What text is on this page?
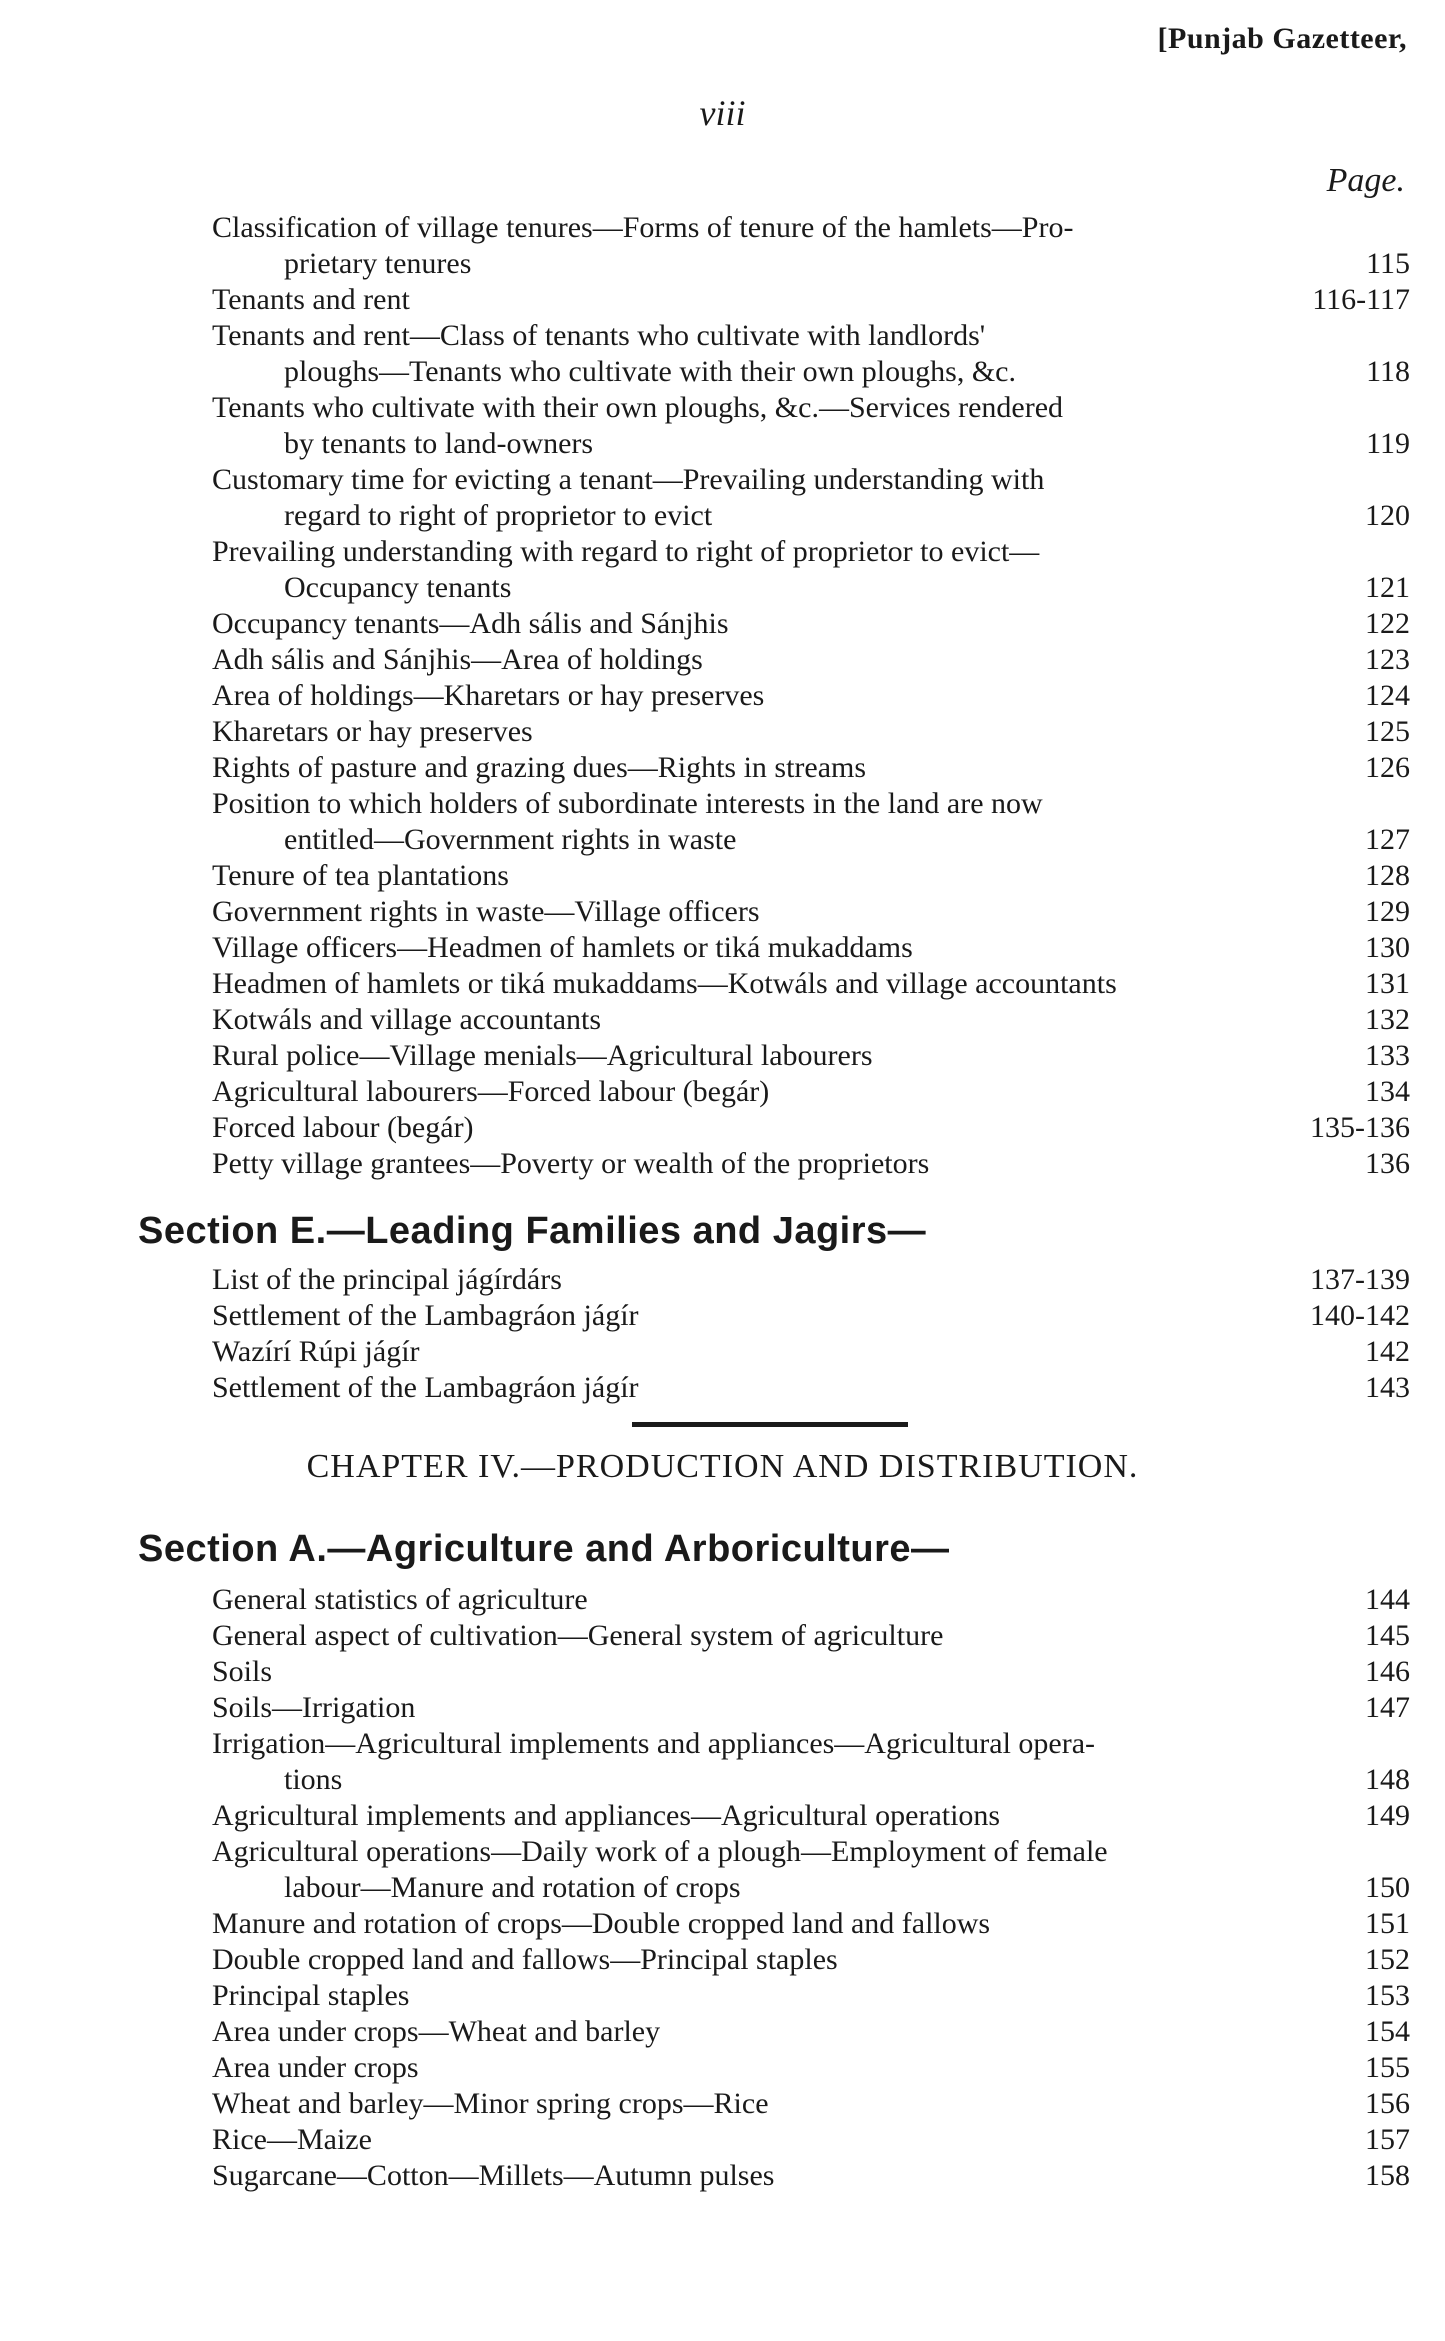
[Punjab Gazetteer,
viii
Page.
Classification of village tenures—Forms of tenure of the hamlets—Pro-
prietary tenures	115
Tenants and rent	116-117
Tenants and rent—Class of tenants who cultivate with landlords'
ploughs—Tenants who cultivate with their own ploughs, &c.	118
Tenants who cultivate with their own ploughs, &c.—Services rendered
by tenants to land-owners	119
Customary time for evicting a tenant—Prevailing understanding with
regard to right of proprietor to evict	120
Prevailing understanding with regard to right of proprietor to evict—
Occupancy tenants	121
Occupancy tenants—Adh sális and Sánjhis	122
Adh sális and Sánjhis—Area of holdings	123
Area of holdings—Kharetars or hay preserves	124
Kharetars or hay preserves	125
Rights of pasture and grazing dues—Rights in streams	126
Position to which holders of subordinate interests in the land are now
entitled—Government rights in waste	127
Tenure of tea plantations	128
Government rights in waste—Village officers	129
Village officers—Headmen of hamlets or tiká mukaddams	130
Headmen of hamlets or tiká mukaddams—Kotwáls and village accountants	131
Kotwáls and village accountants	132
Rural police—Village menials—Agricultural labourers	133
Agricultural labourers—Forced labour (begár)	134
Forced labour (begár)	135-136
Petty village grantees—Poverty or wealth of the proprietors	136
Section E.—Leading Families and Jagirs—
List of the principal jágírdárs	137-139
Settlement of the Lambagráon jágír	140-142
Wazírí Rúpi jágír	142
Settlement of the Lambagráon jágír	143
CHAPTER IV.—PRODUCTION AND DISTRIBUTION.
Section A.—Agriculture and Arboriculture—
General statistics of agriculture	144
General aspect of cultivation—General system of agriculture	145
Soils	146
Soils—Irrigation	147
Irrigation—Agricultural implements and appliances—Agricultural opera-
tions	148
Agricultural implements and appliances—Agricultural operations	149
Agricultural operations—Daily work of a plough—Employment of female
labour—Manure and rotation of crops	150
Manure and rotation of crops—Double cropped land and fallows	151
Double cropped land and fallows—Principal staples	152
Principal staples	153
Area under crops—Wheat and barley	154
Area under crops	155
Wheat and barley—Minor spring crops—Rice	156
Rice—Maize	157
Sugarcane—Cotton—Millets—Autumn pulses	158
